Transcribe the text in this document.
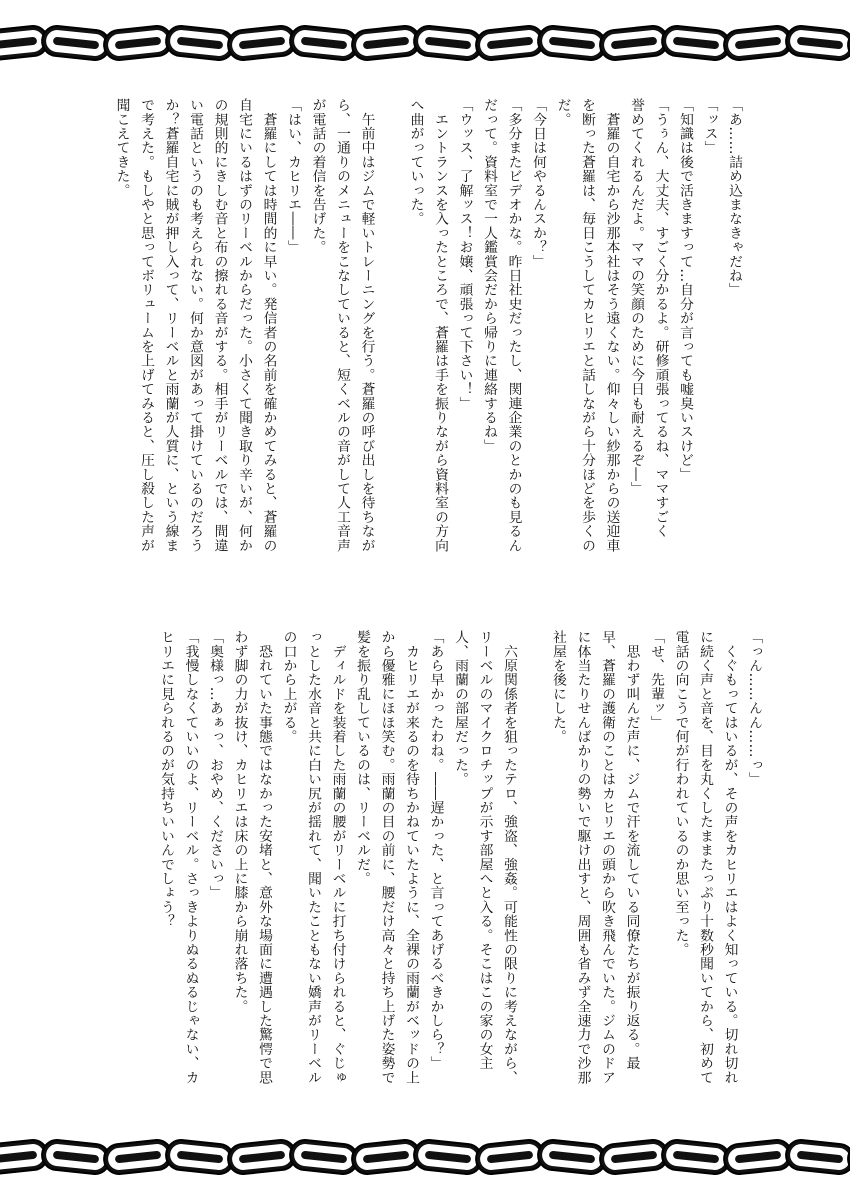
「あ……詰め込まなきゃだね」

「ッス」

「知識は後で活きますって…自分が言っても嘘臭いスけど」

「うぅん、大丈夫、すごく分かるよ。研修頑張ってるね、ママすごく

誉めてくれるんだよ。ママの笑顔のために今日も耐えるぞ―」

　蒼羅の自宅から沙那本社はそう遠くない。仰々しい紗那からの送迎車

を断った蒼羅は、毎日こうしてカヒリエと話しながら十分ほどを歩くの

だ。

「今日は何やるんスか？」

「多分またビデオかな。昨日社史だったし、関連企業のとかのも見るん

だって。資料室で一人鑑賞会だから帰りに連絡するね」

「ウッス、了解ッス！お嬢、頑張って下さい！」

　エントランスを入ったところで、蒼羅は手を振りながら資料室の方向

へ曲がっていった。

　午前中はジムで軽いトレーニングを行う。蒼羅の呼び出しを待ちなが

ら、一通りのメニューをこなしていると、短くベルの音がして人工音声

が電話の着信を告げた。

「はい、カヒリエ――」

　蒼羅にしては時間的に早い。発信者の名前を確かめてみると、蒼羅の

自宅にいるはずのリーベルからだった。小さくて聞き取り辛いが、何か

の規則的にきしむ音と布の擦れる音がする。相手がリーベルでは、間違

い電話というのも考えられない。何か意図があって掛けているのだろう

か？蒼羅自宅に賊が押し入って、リーベルと雨蘭が人質に、という線ま

で考えた。もしやと思ってボリュームを上げてみると、圧し殺した声が

聞こえてきた。

「っん……んん……っ」

　くぐもってはいるが、その声をカヒリエはよく知っている。切れ切れ

に続く声と音を、目を丸くしたままたっぷり十数秒聞いてから、初めて

電話の向こうで何が行われているのか思い至った。

「せ、先輩ッ」

　思わず叫んだ声に、ジムで汗を流している同僚たちが振り返る。最

早、蒼羅の護衛のことはカヒリエの頭から吹き飛んでいた。ジムのドア

に体当たりせんばかりの勢いで駆け出すと、周囲も省みず全速力で沙那

社屋を後にした。

　六原関係者を狙ったテロ、強盗、強姦。可能性の限りに考えながら、

リーベルのマイクロチップが示す部屋へと入る。そこはこの家の女主

人、雨蘭の部屋だった。

「あら早かったわね。――遅かった、と言ってあげるべきかしら？」

　カヒリエが来るのを待ちかねていたように、全裸の雨蘭がベッドの上

から優雅にほほ笑む。雨蘭の目の前に、腰だけ高々と持ち上げた姿勢で

髪を振り乱しているのは、リーベルだ。

　ディルドを装着した雨蘭の腰がリーベルに打ち付けられると、ぐじゅ

っとした水音と共に白い尻が揺れて、聞いたこともない嬌声がリーベル

の口から上がる。

　恐れていた事態ではなかった安堵と、意外な場面に遭遇した驚愕で思

わず脚の力が抜け、カヒリエは床の上に膝から崩れ落ちた。

「奥様っ…あぁっ、おやめ、くださいっ」

「我慢しなくていいのよ、リーベル。さっきよりぬるぬるじゃない、カ

ヒリエに見られるのが気持ちいいんでしょう？
